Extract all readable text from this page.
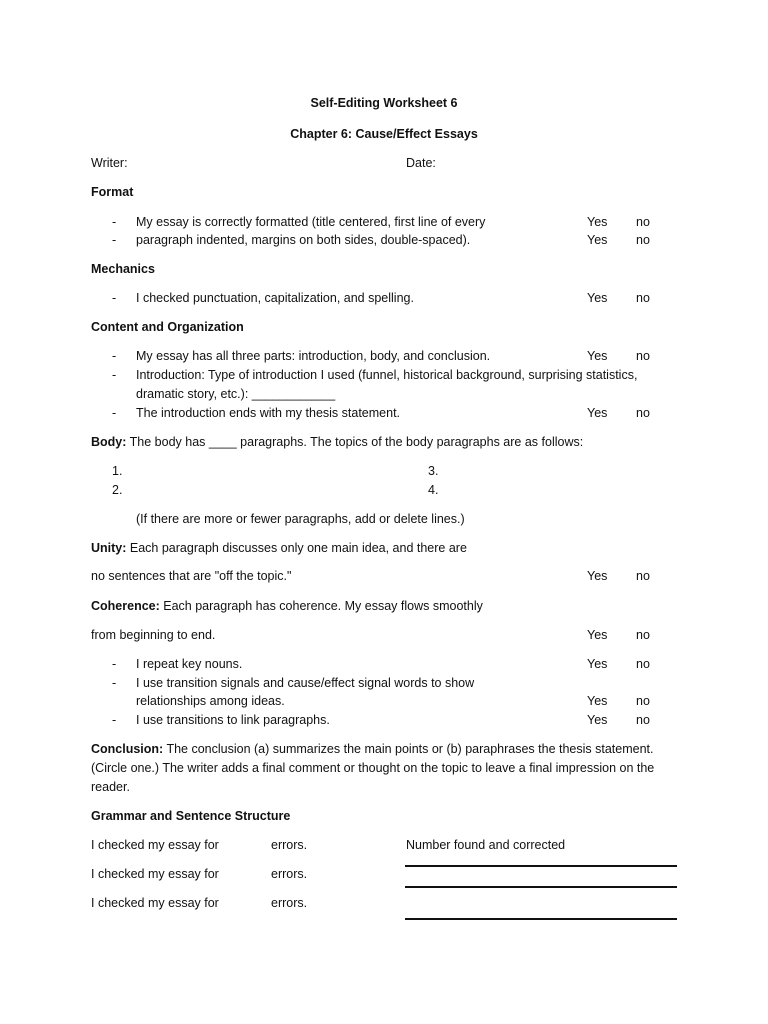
Self-Editing Worksheet 6
Chapter 6: Cause/Effect Essays
Writer:	Date:
Format
- My essay is correctly formatted (title centered, first line of every	Yes no
- paragraph indented, margins on both sides, double-spaced).	Yes no
Mechanics
- I checked punctuation, capitalization, and spelling.	Yes no
Content and Organization
- My essay has all three parts: introduction, body, and conclusion.	Yes no
- Introduction: Type of introduction I used (funnel, historical background, surprising statistics,
dramatic story, etc.): ____________
- The introduction ends with my thesis statement.	Yes no
Body: The body has ____ paragraphs. The topics of the body paragraphs are as follows:
1.	3.
2.	4.
(If there are more or fewer paragraphs, add or delete lines.)
Unity: Each paragraph discusses only one main idea, and there are
no sentences that are "off the topic."	Yes no
Coherence: Each paragraph has coherence. My essay flows smoothly
from beginning to end.	Yes no
- I repeat key nouns.	Yes no
- I use transition signals and cause/effect signal words to show
relationships among ideas.	Yes no
- I use transitions to link paragraphs.	Yes no
Conclusion: The conclusion (a) summarizes the main points or (b) paraphrases the thesis statement.
(Circle one.) The writer adds a final comment or thought on the topic to leave a final impression on the
reader.
Grammar and Sentence Structure
I checked my essay for	errors.	Number found and corrected
I checked my essay for	errors.
I checked my essay for	errors.
